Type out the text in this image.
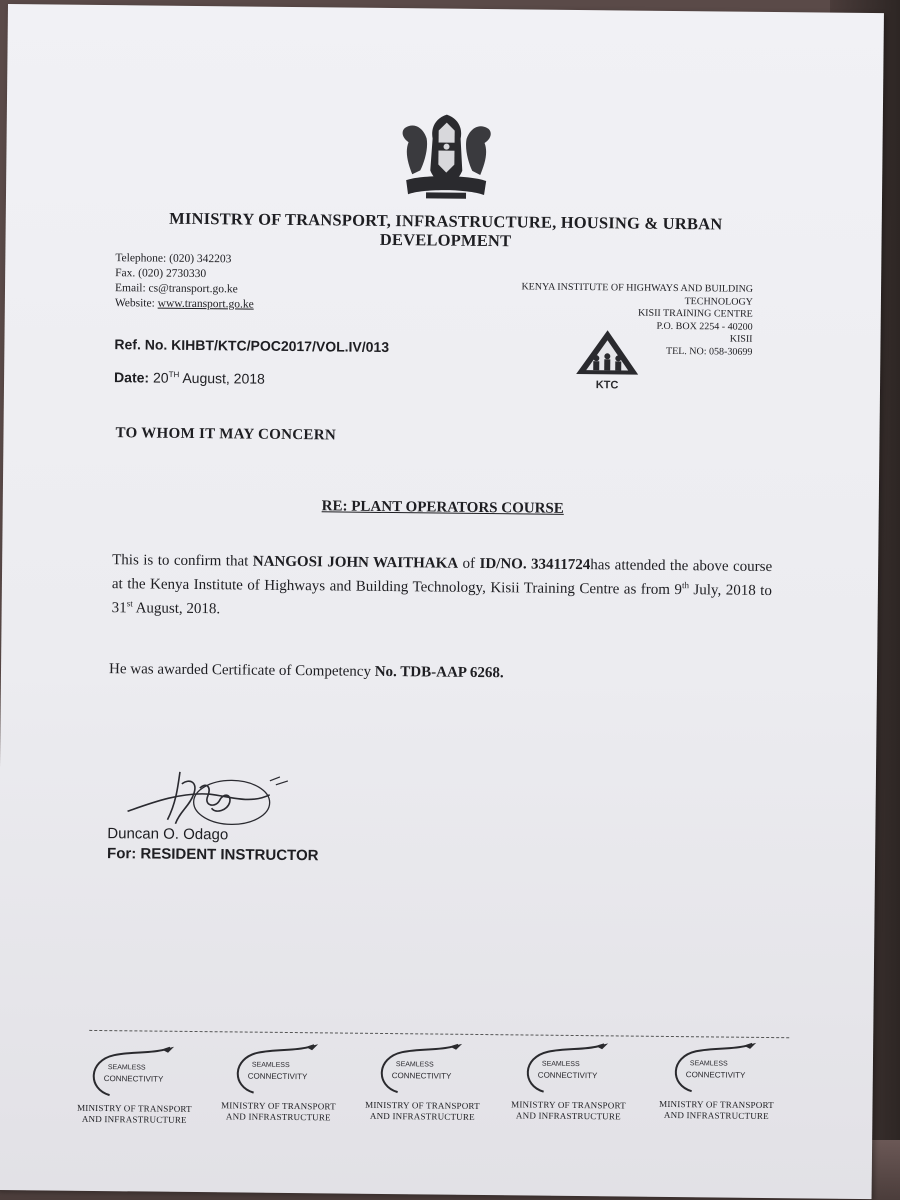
MINISTRY OF TRANSPORT, INFRASTRUCTURE, HOUSING & URBAN
DEVELOPMENT
Telephone: (020) 342203
Fax. (020) 2730330
Email: cs@transport.go.ke
Website: www.transport.go.ke
KENYA INSTITUTE OF HIGHWAYS AND BUILDING
TECHNOLOGY
KISII TRAINING CENTRE
P.O. BOX 2254 - 40200
KISII
TEL. NO: 058-30699
KTC
Ref. No. KIHBT/KTC/POC2017/VOL.IV/013
Date: 20TH August, 2018
TO WHOM IT MAY CONCERN
RE: PLANT OPERATORS COURSE
This is to confirm that NANGOSI JOHN WAITHAKA of ID/NO. 33411724has attended the above course at the Kenya Institute of Highways and Building Technology, Kisii Training Centre as from 9th July, 2018 to 31st August, 2018.
He was awarded Certificate of Competency No. TDB-AAP 6268.
Duncan O. Odago
For: RESIDENT INSTRUCTOR
SEAMLESS
CONNECTIVITY
MINISTRY OF TRANSPORT
AND INFRASTRUCTURE
SEAMLESS
CONNECTIVITY
MINISTRY OF TRANSPORT
AND INFRASTRUCTURE
SEAMLESS
CONNECTIVITY
MINISTRY OF TRANSPORT
AND INFRASTRUCTURE
SEAMLESS
CONNECTIVITY
MINISTRY OF TRANSPORT
AND INFRASTRUCTURE
SEAMLESS
CONNECTIVITY
MINISTRY OF TRANSPORT
AND INFRASTRUCTURE
